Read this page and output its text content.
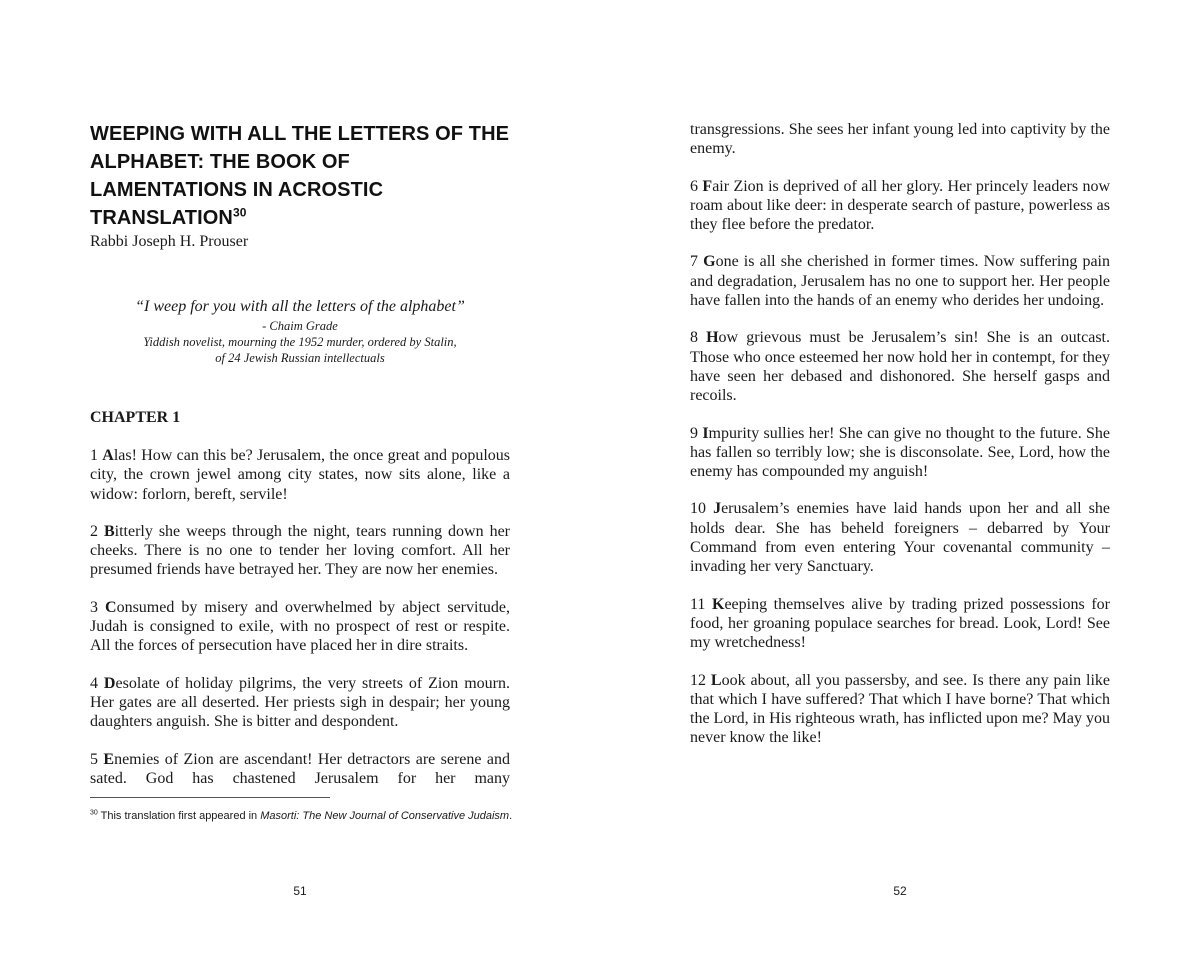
WEEPING WITH ALL THE LETTERS OF THE ALPHABET: THE BOOK OF LAMENTATIONS IN ACROSTIC TRANSLATION$^{30}$

Rabbi Joseph H. Prouser

“I weep for you with all the letters of the alphabet”
- Chaim Grade
Yiddish novelist, mourning the 1952 murder, ordered by Stalin,
of 24 Jewish Russian intellectuals
CHAPTER 1

1 Alas! How can this be? Jerusalem, the once great and populous city, the crown jewel among city states, now sits alone, like a widow: forlorn, bereft, servile!

2 Bitterly she weeps through the night, tears running down her cheeks. There is no one to tender her loving comfort. All her presumed friends have betrayed her. They are now her enemies.

3 Consumed by misery and overwhelmed by abject servitude, Judah is consigned to exile, with no prospect of rest or respite. All the forces of persecution have placed her in dire straits.

4 Desolate of holiday pilgrims, the very streets of Zion mourn. Her gates are all deserted. Her priests sigh in despair; her young daughters anguish. She is bitter and despondent.

5 Enemies of Zion are ascendant! Her detractors are serene and sated. God has chastened Jerusalem for her many

$^{30}$ This translation first appeared in Masorti: The New Journal of Conservative Judaism.
51

transgressions. She sees her infant young led into captivity by the enemy.

6 Fair Zion is deprived of all her glory. Her princely leaders now roam about like deer: in desperate search of pasture, powerless as they flee before the predator.

7 Gone is all she cherished in former times. Now suffering pain and degradation, Jerusalem has no one to support her. Her people have fallen into the hands of an enemy who derides her undoing.

8 How grievous must be Jerusalem’s sin! She is an outcast. Those who once esteemed her now hold her in contempt, for they have seen her debased and dishonored. She herself gasps and recoils.

9 Impurity sullies her! She can give no thought to the future. She has fallen so terribly low; she is disconsolate. See, Lord, how the enemy has compounded my anguish!

10 Jerusalem’s enemies have laid hands upon her and all she holds dear. She has beheld foreigners – debarred by Your Command from even entering Your covenantal community – invading her very Sanctuary.

11 Keeping themselves alive by trading prized possessions for food, her groaning populace searches for bread. Look, Lord! See my wretchedness!

12 Look about, all you passersby, and see. Is there any pain like that which I have suffered? That which I have borne? That which the Lord, in His righteous wrath, has inflicted upon me? May you never know the like!

52
